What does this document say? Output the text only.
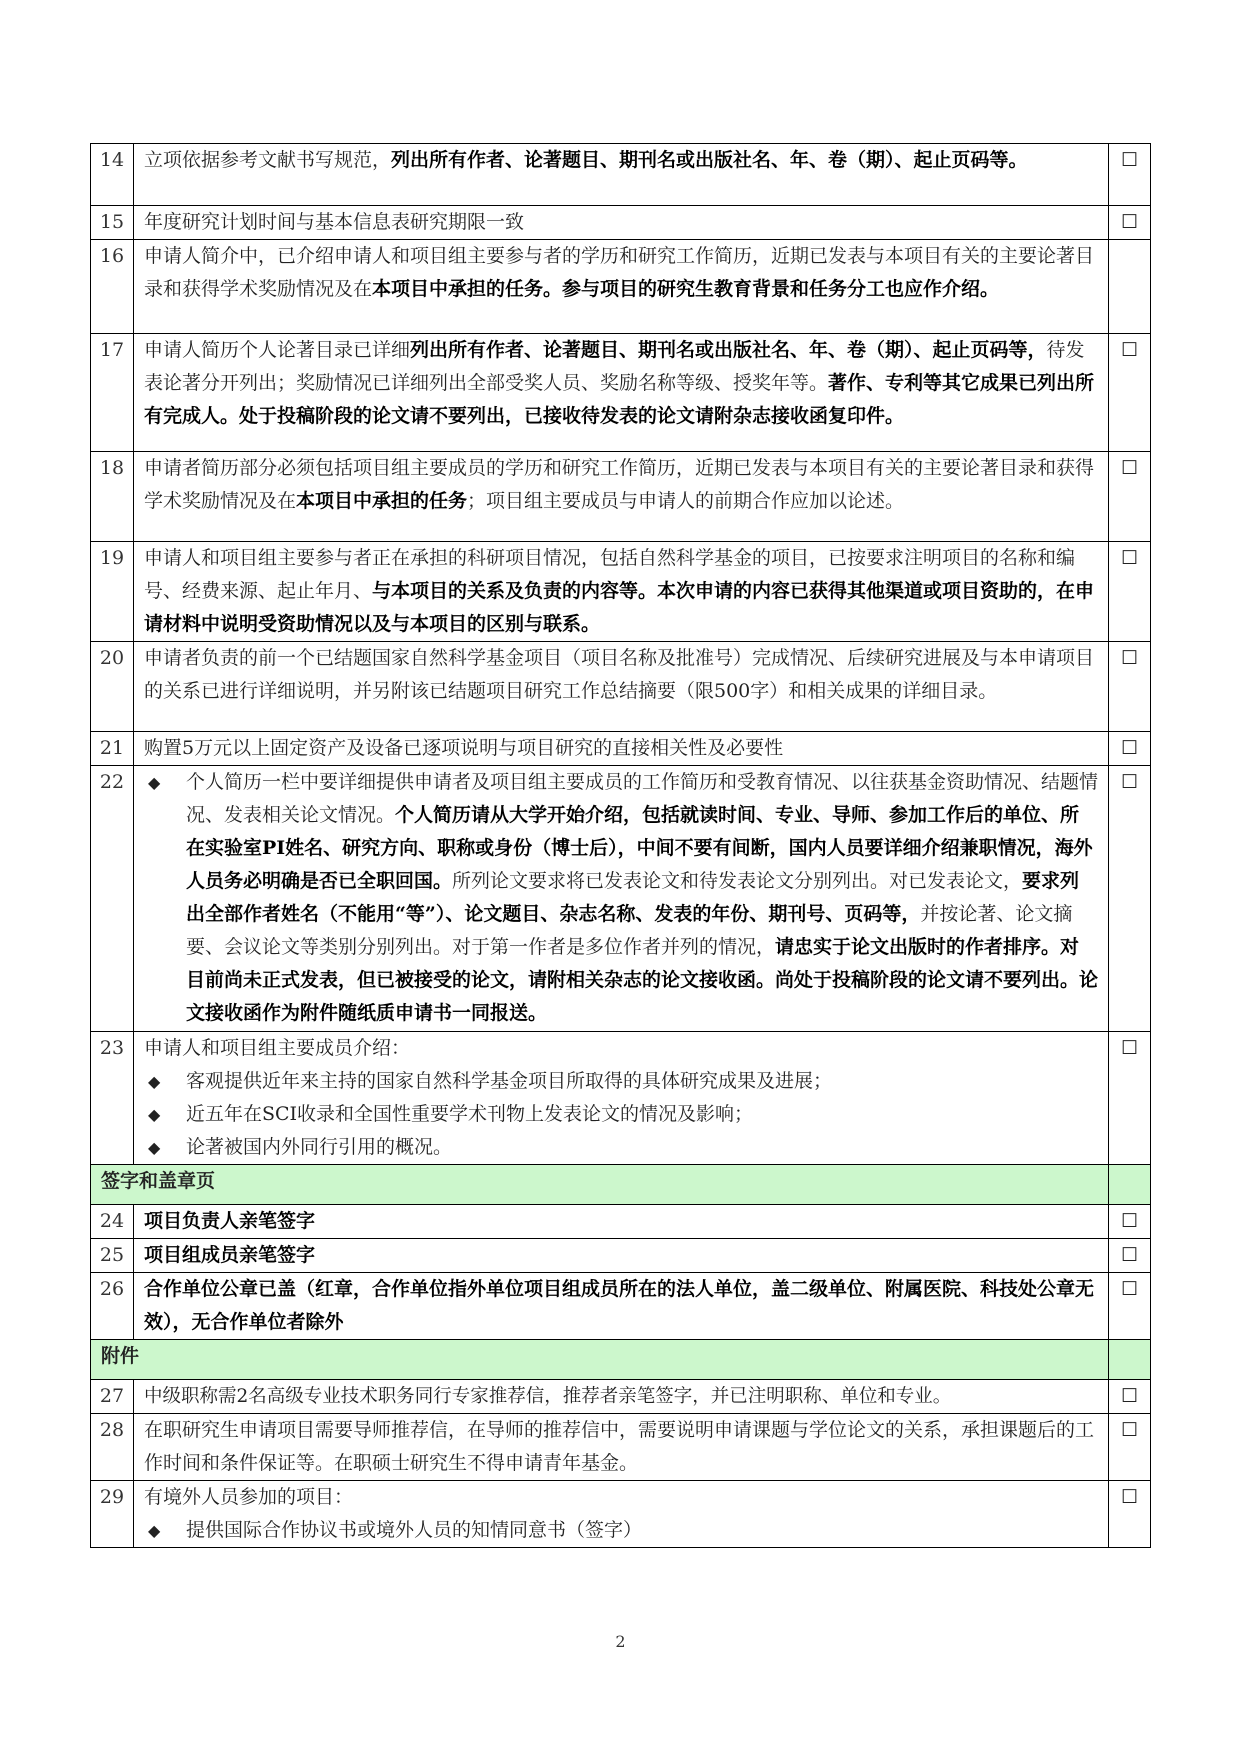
14	立项依据参考文献书写规范，列出所有作者、论著题目、期刊名或出版社名、年、卷（期）、起止页码等。	☐
15	年度研究计划时间与基本信息表研究期限一致	☐
16	申请人简介中，已介绍申请人和项目组主要参与者的学历和研究工作简历，近期已发表与本项目有关的主要论著目录和获得学术奖励情况及在本项目中承担的任务。参与项目的研究生教育背景和任务分工也应作介绍。	
17	申请人简历个人论著目录已详细列出所有作者、论著题目、期刊名或出版社名、年、卷（期）、起止页码等，待发表论著分开列出；奖励情况已详细列出全部受奖人员、奖励名称等级、授奖年等。著作、专利等其它成果已列出所有完成人。处于投稿阶段的论文请不要列出，已接收待发表的论文请附杂志接收函复印件。	☐
18	申请者简历部分必须包括项目组主要成员的学历和研究工作简历，近期已发表与本项目有关的主要论著目录和获得学术奖励情况及在本项目中承担的任务；项目组主要成员与申请人的前期合作应加以论述。	☐
19	申请人和项目组主要参与者正在承担的科研项目情况，包括自然科学基金的项目，已按要求注明项目的名称和编号、经费来源、起止年月、与本项目的关系及负责的内容等。本次申请的内容已获得其他渠道或项目资助的，在申请材料中说明受资助情况以及与本项目的区别与联系。	☐
20	申请者负责的前一个已结题国家自然科学基金项目（项目名称及批准号）完成情况、后续研究进展及与本申请项目的关系已进行详细说明，并另附该已结题项目研究工作总结摘要（限500字）和相关成果的详细目录。	☐
21	购置5万元以上固定资产及设备已逐项说明与项目研究的直接相关性及必要性	☐
22	◆ 个人简历一栏中要详细提供申请者及项目组主要成员的工作简历和受教育情况、以往获基金资助情况、结题情况、发表相关论文情况。个人简历请从大学开始介绍，包括就读时间、专业、导师、参加工作后的单位、所在实验室PI姓名、研究方向、职称或身份（博士后），中间不要有间断，国内人员要详细介绍兼职情况，海外人员务必明确是否已全职回国。所列论文要求将已发表论文和待发表论文分别列出。对已发表论文，要求列出全部作者姓名（不能用“等”）、论文题目、杂志名称、发表的年份、期刊号、页码等，并按论著、论文摘要、会议论文等类别分别列出。对于第一作者是多位作者并列的情况，请忠实于论文出版时的作者排序。对目前尚未正式发表，但已被接受的论文，请附相关杂志的论文接收函。尚处于投稿阶段的论文请不要列出。论文接收函作为附件随纸质申请书一同报送。	☐
23	申请人和项目组主要成员介绍：
◆ 客观提供近年来主持的国家自然科学基金项目所取得的具体研究成果及进展；
◆ 近五年在SCI收录和全国性重要学术刊物上发表论文的情况及影响；
◆ 论著被国内外同行引用的概况。	☐
签字和盖章页		
24	项目负责人亲笔签字	☐
25	项目组成员亲笔签字	☐
26	合作单位公章已盖（红章，合作单位指外单位项目组成员所在的法人单位，盖二级单位、附属医院、科技处公章无效），无合作单位者除外	☐
附件		
27	中级职称需2名高级专业技术职务同行专家推荐信，推荐者亲笔签字，并已注明职称、单位和专业。	☐
28	在职研究生申请项目需要导师推荐信，在导师的推荐信中，需要说明申请课题与学位论文的关系，承担课题后的工作时间和条件保证等。在职硕士研究生不得申请青年基金。	☐
29	有境外人员参加的项目：
◆ 提供国际合作协议书或境外人员的知情同意书（签字）	☐
2
